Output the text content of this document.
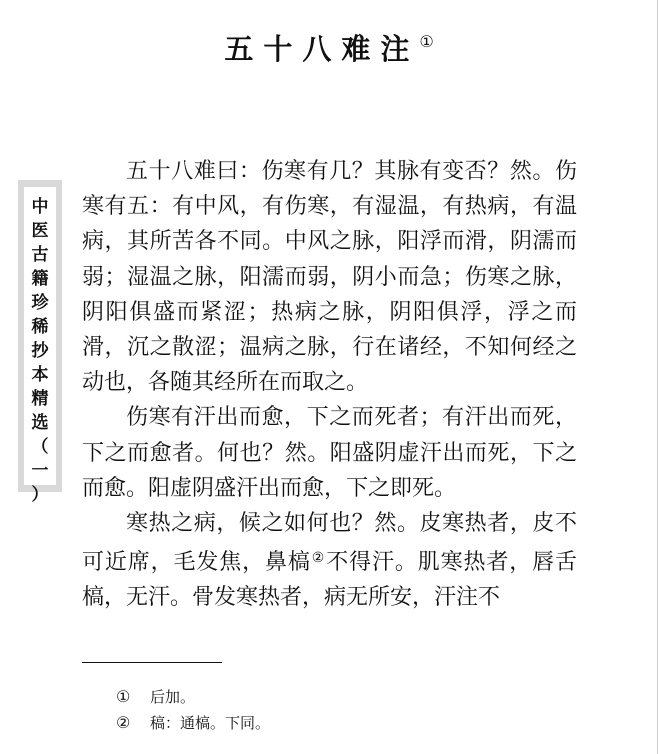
五十八难注①
中
医
古
籍
珍
稀
抄
本
精
选
（
一
）

五十八难曰：伤寒有几？其脉有变否？然。伤寒有五：有中风，有伤寒，有湿温，有热病，有温病，其所苦各不同。中风之脉，阳浮而滑，阴濡而弱；湿温之脉，阳濡而弱，阴小而急；伤寒之脉，阴阳俱盛而紧涩；热病之脉，阴阳俱浮，浮之而滑，沉之散涩；温病之脉，行在诸经，不知何经之动也，各随其经所在而取之。

伤寒有汗出而愈，下之而死者；有汗出而死，下之而愈者。何也？然。阳盛阴虚汗出而死，下之而愈。阳虚阴盛汗出而愈，下之即死。

寒热之病，候之如何也？然。皮寒热者，皮不可近席，毛发焦，鼻槁②不得汗。肌寒热者，唇舌槁，无汗。骨发寒热者，病无所安，汗注不

①	后加。
②	稿：通槁。下同。
